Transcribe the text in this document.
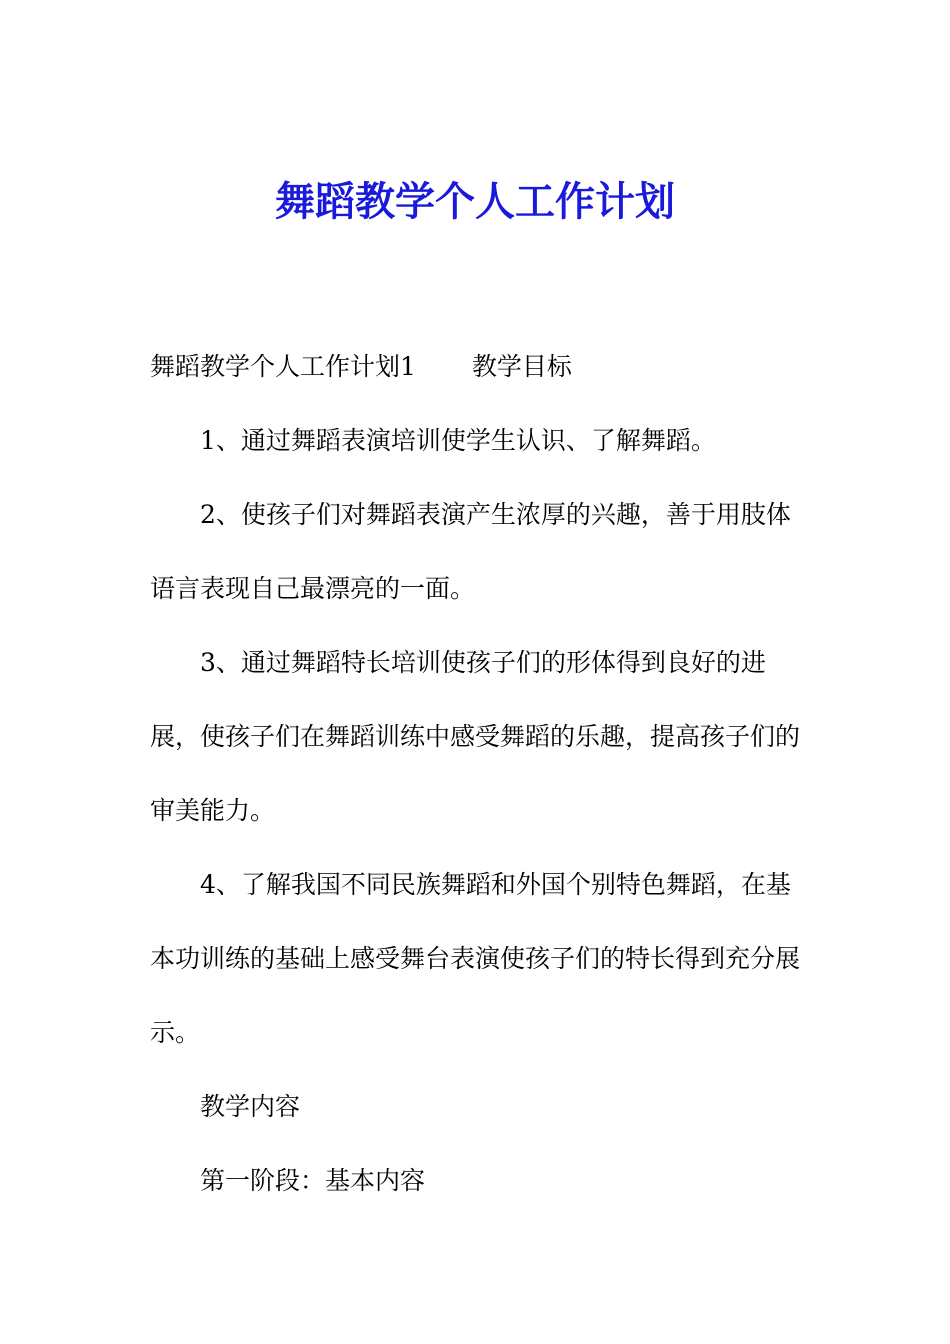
舞蹈教学个人工作计划

舞蹈教学个人工作计划1 教学目标

1、通过舞蹈表演培训使学生认识、了解舞蹈。

2、使孩子们对舞蹈表演产生浓厚的兴趣，善于用肢体语言表现自己最漂亮的一面。

3、通过舞蹈特长培训使孩子们的形体得到良好的进展，使孩子们在舞蹈训练中感受舞蹈的乐趣，提高孩子们的审美能力。

4、了解我国不同民族舞蹈和外国个别特色舞蹈，在基本功训练的基础上感受舞台表演使孩子们的特长得到充分展示。

教学内容

第一阶段：基本内容
